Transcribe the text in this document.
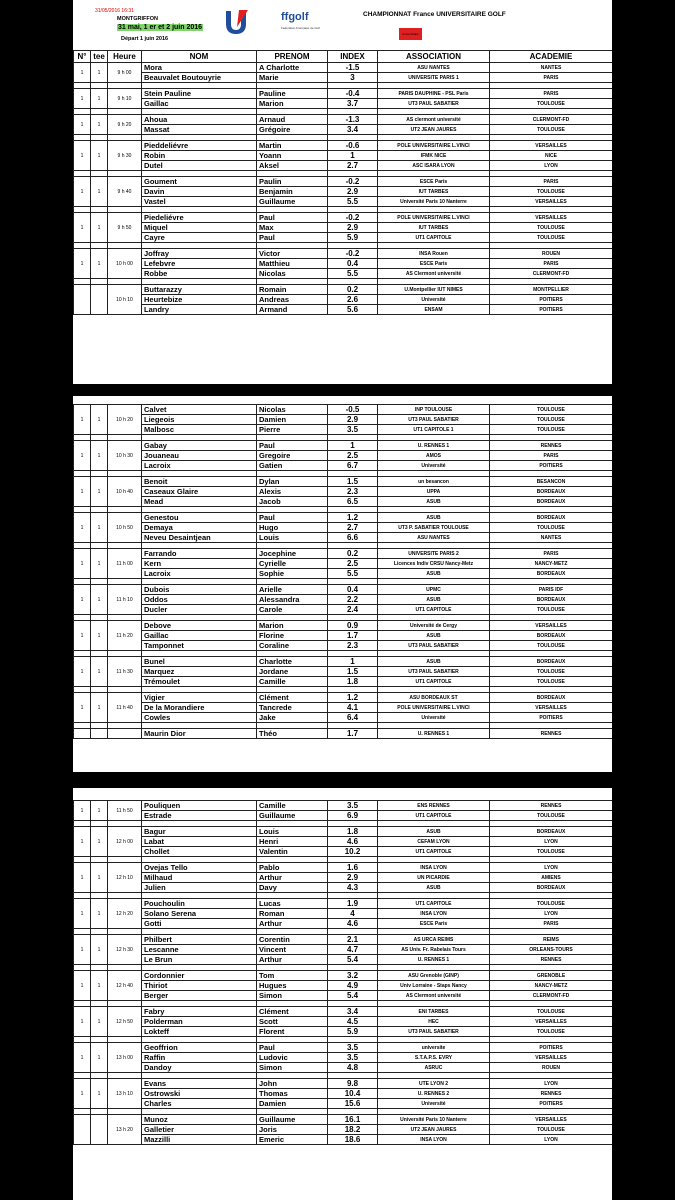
31/05/2016 16:31
MONTGRIFFON
31 mai, 1 er et 2 juin 2016
Départ 1 juin 2016
ffgolf
Fédération Française de Golf
CHAMPIONNAT France UNIVERSITAIRE GOLF
Universitaire
N°	tee	Heure	NOM	PRENOM	INDEX	ASSOCIATION	ACADEMIE
1	1	9 h 00	Mora	A Charlotte	-1.5	ASU NANTES	NANTES
			Beauvalet Boutouyrie	Marie	3	UNIVERSITE PARIS 1	PARIS

1	1	9 h 10	Stein Pauline	Pauline	-0.4	PARIS DAUPHINE - PSL Paris	PARIS
			Gaillac	Marion	3.7	UT3 PAUL SABATIER	TOULOUSE

1	1	9 h 20	Ahoua	Arnaud	-1.3	AS clermont université	CLERMONT-FD
			Massat	Grégoire	3.4	UT2 JEAN JAURES	TOULOUSE

1	1	9 h 30	Piedde​liévre	Martin	-0.6	POLE UNIVERSITAIRE L.VINCI	VERSAILLES
			Robin	Yoann	1	IFMK NICE	NICE
			Dutel	Aksel	2.7	ASC ISARA LYON	LYON

1	1	9 h 40	Goument	Paulin	-0.2	ESCE Paris	PARIS
			Davin	Benjamin	2.9	IUT TARBES	TOULOUSE
			Vastel	Guillaume	5.5	Université Paris 10 Nanterre	VERSAILLES

1	1	9 h 50	Piedeliévre	Paul	-0.2	POLE UNIVERSITAIRE L.VINCI	VERSAILLES
			Miquel	Max	2.9	IUT TARBES	TOULOUSE
			Cayre	Paul	5.9	UT1 CAPITOLE	TOULOUSE

1	1	10 h 00	Joffray	Victor	-0.2	INSA Rouen	ROUEN
			Lefebvre	Matthieu	0.4	ESCE Paris	PARIS
			Robbe	Nicolas	5.5	AS Clermont université	CLERMONT-FD

		10 h 10	Buttarazzy	Romain	0.2	U.Montpellier IUT NIMES	MONTPELLIER
			Heurtebize	Andreas	2.6	Université	POITIERS
			Landry	Armand	5.6	ENSAM	POITIERS
1	1	10 h 20	Calvet	Nicolas	-0.5	INP TOULOUSE	TOULOUSE
			Liegeois	Damien	2.9	UT3 PAUL SABATIER	TOULOUSE
			Malbosc	Pierre	3.5	UT1 CAPITOLE 1	TOULOUSE

1	1	10 h 30	Gabay	Paul	1	U. RENNES 1	RENNES
			Jouaneau	Gregoire	2.5	AMOS	PARIS
			Lacroix	Gatien	6.7	Université	POITIERS

1	1	10 h 40	Benoit	Dylan	1.5	un besancon	BESANCON
			Caseaux Glaire	Alexis	2.3	UPPA	BORDEAUX
			Mead	Jacob	6.5	ASUB	BORDEAUX

1	1	10 h 50	Genestou	Paul	1.2	ASUB	BORDEAUX
			Demaya	Hugo	2.7	UT3 P. SABATIER TOULOUSE	TOULOUSE
			Neveu Desaintjean	Louis	6.6	ASU NANTES	NANTES

1	1	11 h 00	Farrando	Jocephine	0.2	UNIVERSITE PARIS 2	PARIS
			Kern	Cyrielle	2.5	Licences Indiv CRSU Nancy-Metz	NANCY-METZ
			Lacroix	Sophie	5.5	ASUB	BORDEAUX

1	1	11 h 10	Dubois	Arielle	0.4	UPMC	PARIS IDF
			Oddos	Alessandra	2.2	ASUB	BORDEAUX
			Ducler	Carole	2.4	UT1 CAPITOLE	TOULOUSE

1	1	11 h 20	Debove	Marion	0.9	Université de Cergy	VERSAILLES
			Gaillac	Florine	1.7	ASUB	BORDEAUX
			Tamponnet	Coraline	2.3	UT3 PAUL SABATIER	TOULOUSE

1	1	11 h 30	Bunel	Charlotte	1	ASUB	BORDEAUX
			Marquez	Jordane	1.5	UT3 PAUL SABATIER	TOULOUSE
			Trémoulet	Camille	1.8	UT1 CAPITOLE	TOULOUSE

1	1	11 h 40	Vigier	Clément	1.2	ASU BORDEAUX ST	BORDEAUX
			De la Morandiere	Tancrede	4.1	POLE UNIVERSITAIRE L.VINCI	VERSAILLES
			Cowles	Jake	6.4	Université	POITIERS

			Maurin Dior	Théo	1.7	U. RENNES 1	RENNES
1	1	11 h 50	Pouliquen	Camille	3.5	ENS RENNES	RENNES
			Estrade	Guillaume	6.9	UT1 CAPITOLE	TOULOUSE

1	1	12 h 00	Bagur	Louis	1.8	ASUB	BORDEAUX
			Labat	Henri	4.6	CEFAM LYON	LYON
			Chollet	Valentin	10.2	UT1 CAPITOLE	TOULOUSE

1	1	12 h 10	Ovejas Tello	Pablo	1.6	INSA LYON	LYON
			Milhaud	Arthur	2.9	UN PICARDIE	AMIENS
			Julien	Davy	4.3	ASUB	BORDEAUX

1	1	12 h 20	Pouchoulin	Lucas	1.9	UT1 CAPITOLE	TOULOUSE
			Solano Serena	Roman	4	INSA LYON	LYON
			Gotti	Arthur	4.6	ESCE Paris	PARIS

1	1	12 h 30	Philbert	Corentin	2.1	AS URCA REIMS	REIMS
			Lescanne	Vincent	4.7	AS Univ. Fr. Rabelais Tours	ORLEANS-TOURS
			Le Brun	Arthur	5.4	U. RENNES 1	RENNES

1	1	12 h 40	Cordonnier	Tom	3.2	ASU Grenoble (GINP)	GRENOBLE
			Thiriot	Hugues	4.9	Univ Lorraine - Staps Nancy	NANCY-METZ
			Berger	Simon	5.4	AS Clermont université	CLERMONT-FD

1	1	12 h 50	Fabry	Clément	3.4	ENI TARBES	TOULOUSE
			Polderman	Scott	4.5	HEC	VERSAILLES
			Lokteff	Florent	5.9	UT3 PAUL SABATIER	TOULOUSE

1	1	13 h 00	Geoffrion	Paul	3.5	universite	POITIERS
			Raffin	Ludovic	3.5	S.T.A.P.S. EVRY	VERSAILLES
			Dandoy	Simon	4.8	ASRUC	ROUEN

1	1	13 h 10	Evans	John	9.8	UTE LYON 2	LYON
			Ostrowski	Thomas	10.4	U. RENNES 2	RENNES
			Charles	Damien	15.6	Université	POITIERS

		13 h 20	Munoz	Guillaume	16.1	Université Paris 10 Nanterre	VERSAILLES
			Galletier	Joris	18.2	UT2 JEAN JAURES	TOULOUSE
			Mazzilli	Emeric	18.6	INSA LYON	LYON
